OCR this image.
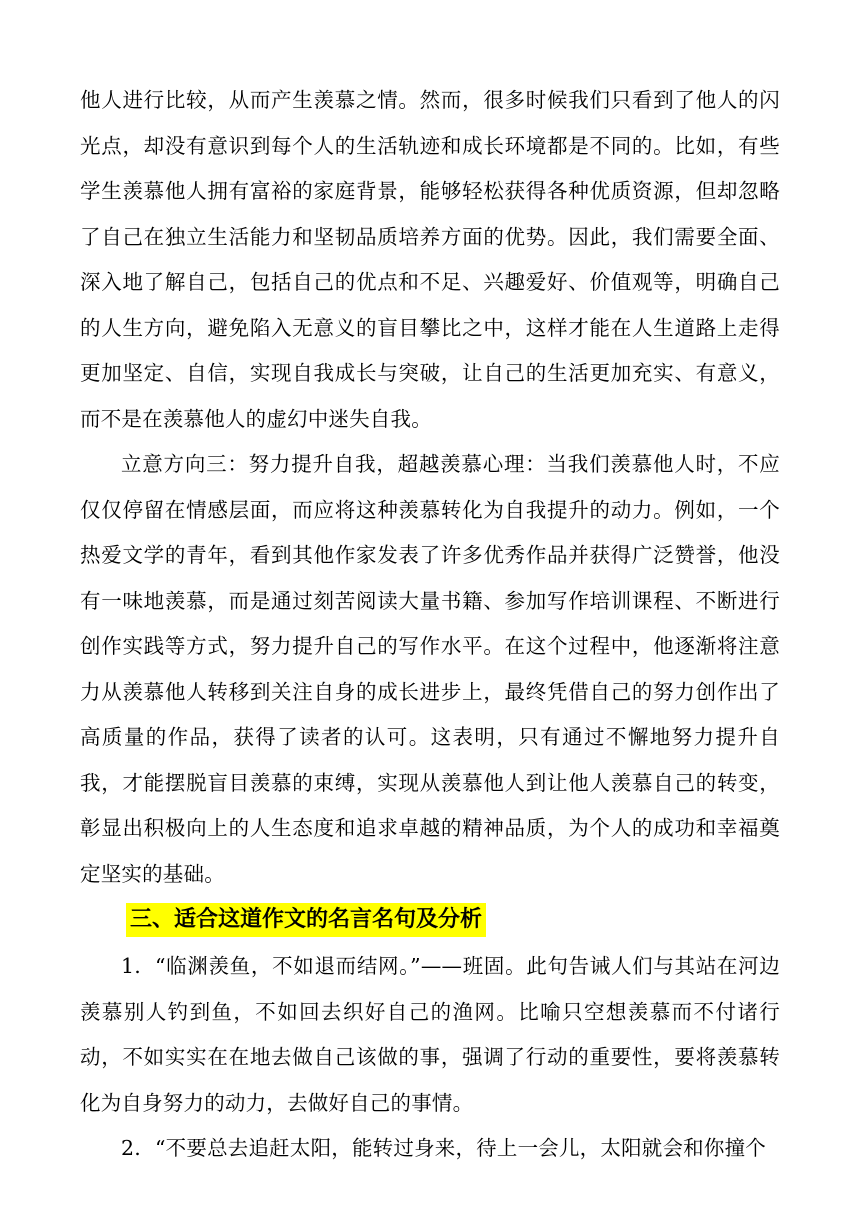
他人进行比较，从而产生羡慕之情。然而，很多时候我们只看到了他人的闪光点，却没有意识到每个人的生活轨迹和成长环境都是不同的。比如，有些学生羡慕他人拥有富裕的家庭背景，能够轻松获得各种优质资源，但却忽略了自己在独立生活能力和坚韧品质培养方面的优势。因此，我们需要全面、深入地了解自己，包括自己的优点和不足、兴趣爱好、价值观等，明确自己的人生方向，避免陷入无意义的盲目攀比之中，这样才能在人生道路上走得更加坚定、自信，实现自我成长与突破，让自己的生活更加充实、有意义，而不是在羡慕他人的虚幻中迷失自我。

立意方向三：努力提升自我，超越羡慕心理：当我们羡慕他人时，不应仅仅停留在情感层面，而应将这种羡慕转化为自我提升的动力。例如，一个热爱文学的青年，看到其他作家发表了许多优秀作品并获得广泛赞誉，他没有一味地羡慕，而是通过刻苦阅读大量书籍、参加写作培训课程、不断进行创作实践等方式，努力提升自己的写作水平。在这个过程中，他逐渐将注意力从羡慕他人转移到关注自身的成长进步上，最终凭借自己的努力创作出了高质量的作品，获得了读者的认可。这表明，只有通过不懈地努力提升自我，才能摆脱盲目羡慕的束缚，实现从羡慕他人到让他人羡慕自己的转变，彰显出积极向上的人生态度和追求卓越的精神品质，为个人的成功和幸福奠定坚实的基础。

三、适合这道作文的名言名句及分析

1. “临渊羡鱼，不如退而结网。”——班固。此句告诫人们与其站在河边羡慕别人钓到鱼，不如回去织好自己的渔网。比喻只空想羡慕而不付诸行动，不如实实在在地去做自己该做的事，强调了行动的重要性，要将羡慕转化为自身努力的动力，去做好自己的事情。

2. “不要总去追赶太阳，能转过身来，待上一会儿，太阳就会和你撞个
